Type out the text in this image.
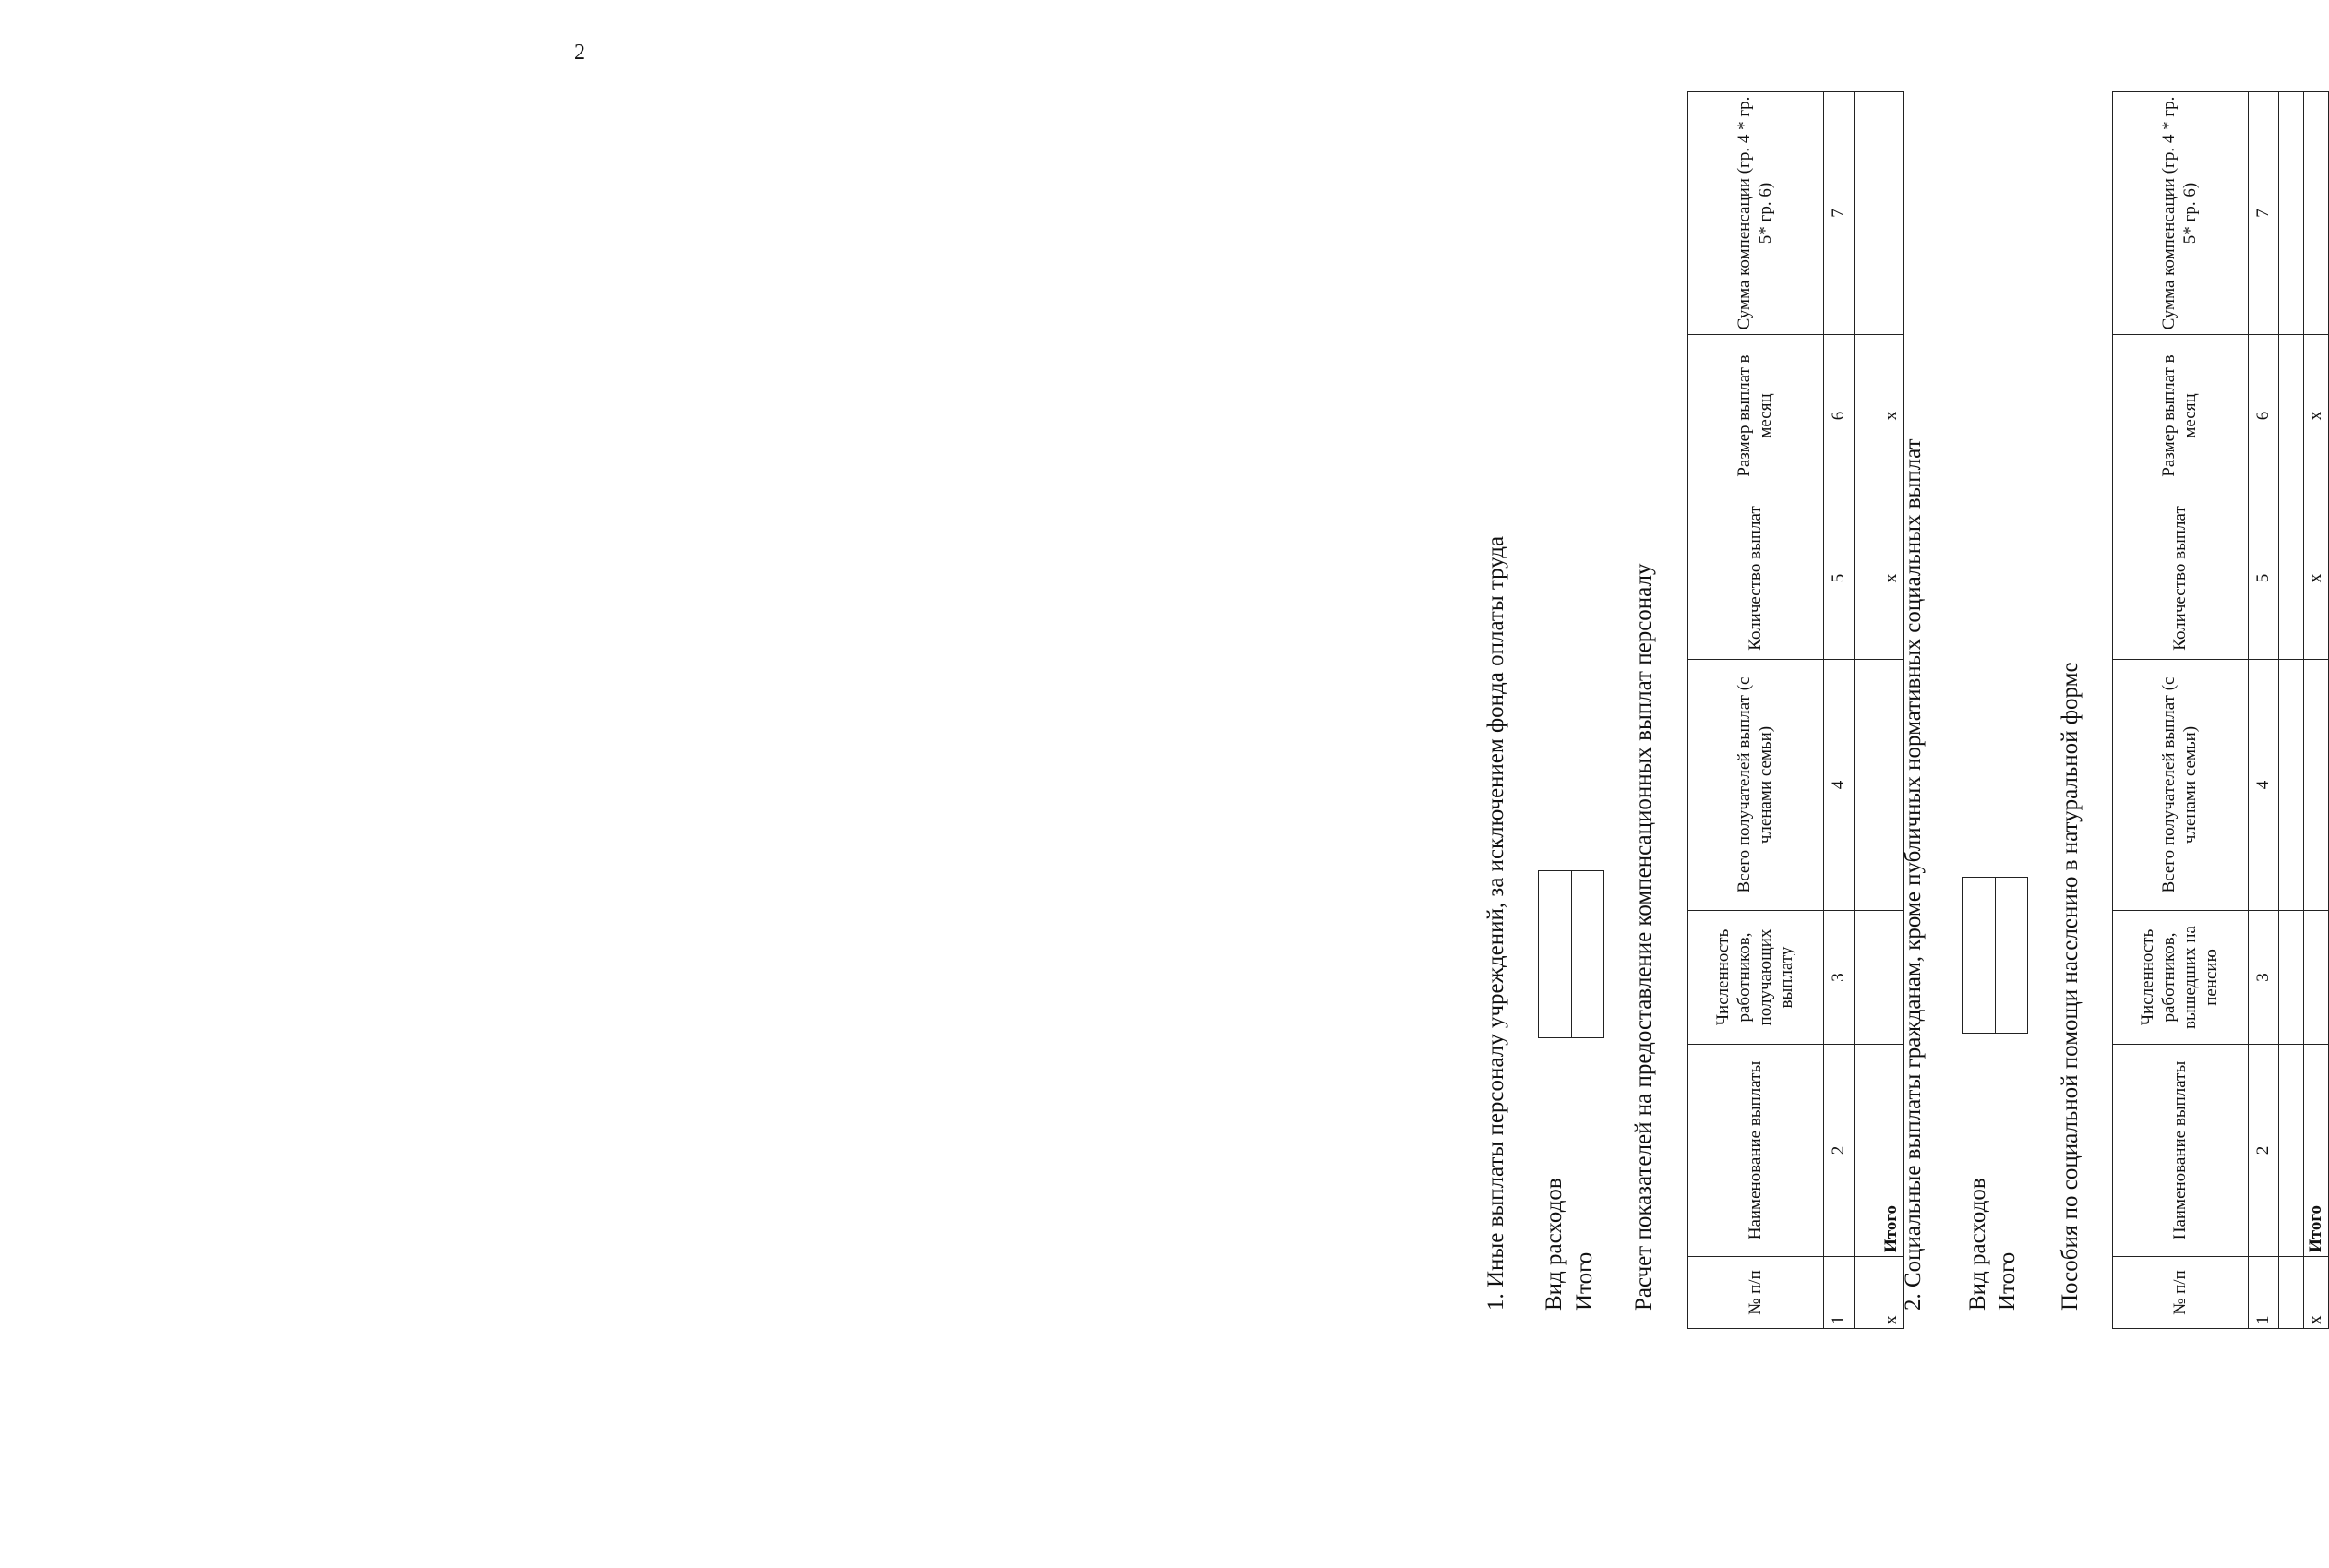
2
1. Иные выплаты персоналу учреждений, за исключением фонда оплаты труда Вид расходов Итого Расчет показателей на предоставление компенсационных выплат персоналу	№ п/п	Наименование выплаты	Численность работников, получающих выплату	Всего получателей выплат (с членами семьи)	Количество выплат	Размер выплат в месяц	Сумма компенсации (гр. 4 * гр. 5* гр. 6)
1	2	3	4	5	6	7

х	Итого			х	х	
2. Социальные выплаты гражданам, кроме публичных нормативных социальных выплат Вид расходов Итого Пособия по социальной помощи населению в натуральной форме	№ п/п	Наименование выплаты	Численность работников, вышедших на пенсию	Всего получателей выплат (с членами семьи)	Количество выплат	Размер выплат в месяц	Сумма компенсации (гр. 4 * гр. 5* гр. 6)
1	2	3	4	5	6	7

х	Итого			х	х	
